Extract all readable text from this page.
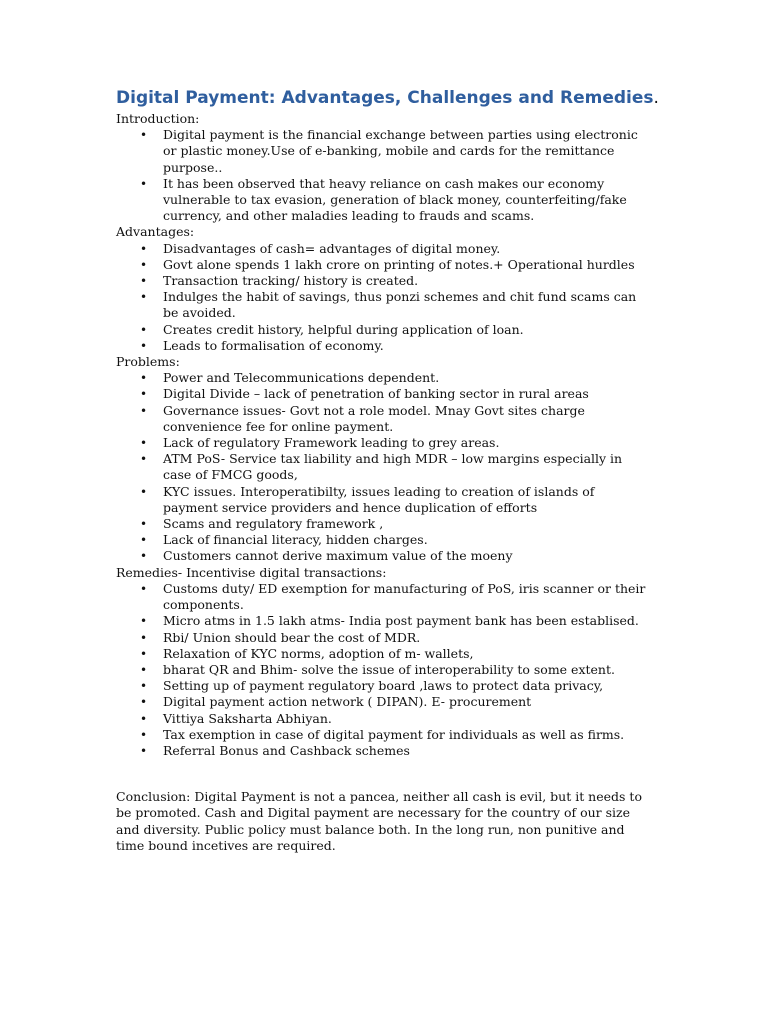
Digital Payment: Advantages, Challenges and Remedies.

Introduction:

• Digital payment is the financial exchange between parties using electronic or plastic money.Use of e-banking, mobile and cards for the remittance purpose..
• It has been observed that heavy reliance on cash makes our economy vulnerable to tax evasion, generation of black money, counterfeiting/fake currency, and other maladies leading to frauds and scams.

Advantages:

• Disadvantages of cash= advantages of digital money.
• Govt alone spends 1 lakh crore on printing of notes.+ Operational hurdles
• Transaction tracking/ history is created.
• Indulges the habit of savings, thus ponzi schemes and chit fund scams can be avoided.
• Creates credit history, helpful during application of loan.
• Leads to formalisation of economy.

Problems:

• Power and Telecommunications dependent.
• Digital Divide – lack of penetration of banking sector in rural areas
• Governance issues- Govt not a role model. Mnay Govt sites charge convenience fee for online payment.
• Lack of regulatory Framework leading to grey areas.
• ATM PoS- Service tax liability and high MDR – low margins especially in case of FMCG goods,
• KYC issues. Interoperatibilty, issues leading to creation of islands of payment service providers and hence duplication of efforts
• Scams and regulatory framework ,
• Lack of financial literacy, hidden charges.
• Customers cannot derive maximum value of the moeny

Remedies- Incentivise digital transactions:

• Customs duty/ ED exemption for manufacturing of PoS, iris scanner or their components.
• Micro atms in 1.5 lakh atms- India post payment bank has been establised.
• Rbi/ Union should bear the cost of MDR.
• Relaxation of KYC norms, adoption of m- wallets,
• bharat QR and Bhim- solve the issue of interoperability to some extent.
• Setting up of payment regulatory board ,laws to protect data privacy,
• Digital payment action network ( DIPAN). E- procurement
• Vittiya Saksharta Abhiyan.
• Tax exemption in case of digital payment for individuals as well as firms.
• Referral Bonus and Cashback schemes

Conclusion: Digital Payment is not a pancea, neither all cash is evil, but it needs to be promoted. Cash and Digital payment are necessary for the country of our size and diversity. Public policy must balance both. In the long run, non punitive and time bound incetives are required.
